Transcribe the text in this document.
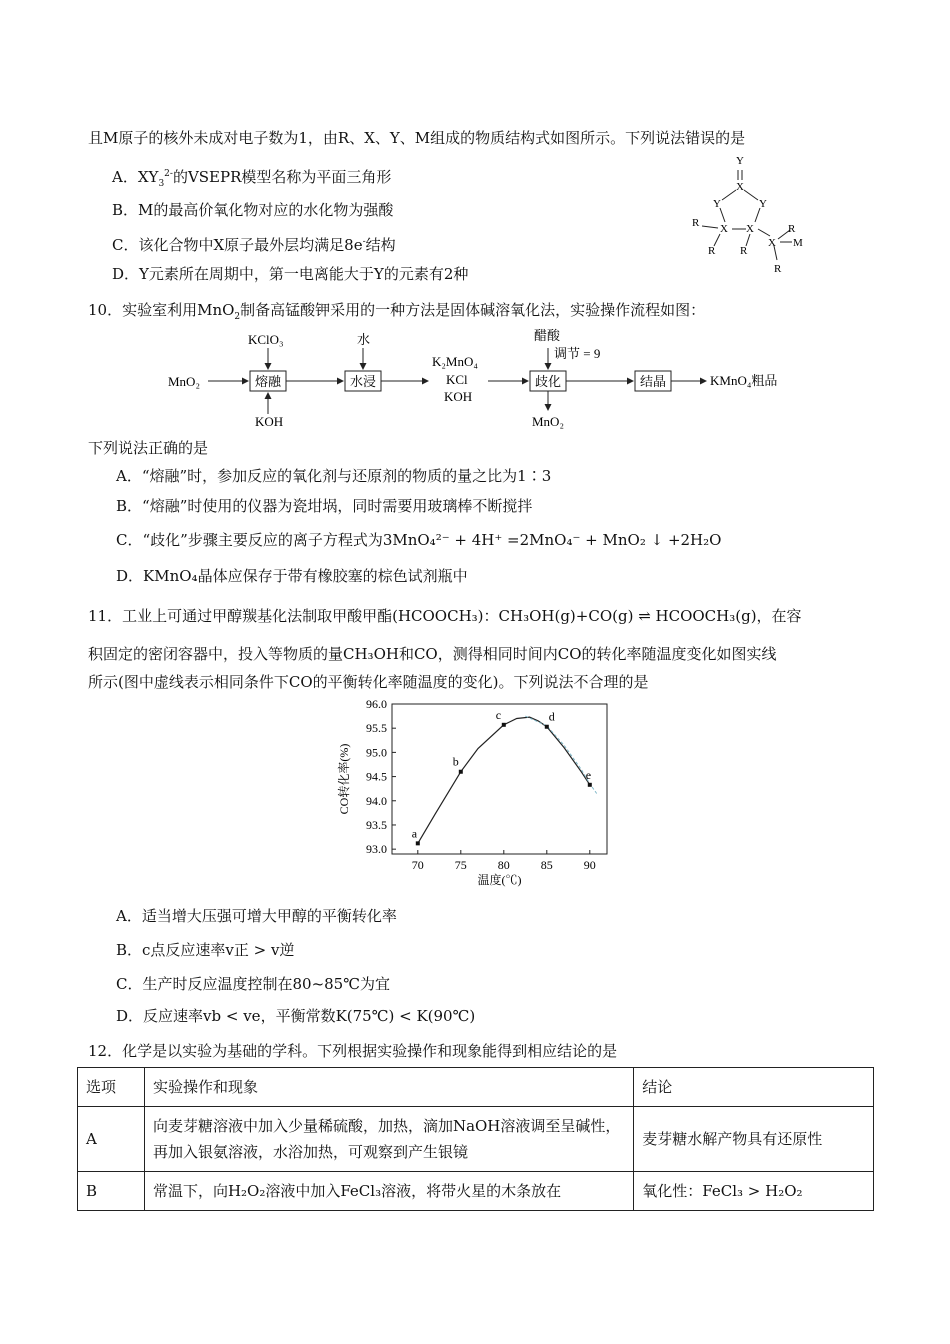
且M原子的核外未成对电子数为1，由R、X、Y、M组成的物质结构式如图所示。下列说法错误的是
A．$XY_3^{2-}$的VSEPR模型名称为平面三角形
B．M的最高价氧化物对应的水化物为强酸
C．该化合物中X原子最外层均满足8e-结构
D．Y元素所在周期中，第一电离能大于Y的元素有2种
Y
X
Y	Y
R X X
X M
R R
R
R
10．实验室利用MnO$_2$制备高锰酸钾采用的一种方法是固体碱溶氧化法，实验操作流程如图：
MnO₂	熔融
KClO₃
KOH
水浸
水
K₂MnO₄
KCl
KOH
歧化
醋酸
调节 = 9
MnO₂
结晶	KMnO₄粗品
下列说法正确的是
A．“熔融”时，参加反应的氧化剂与还原剂的物质的量之比为1∶3
B．“熔融”时使用的仪器为瓷坩埚，同时需要用玻璃棒不断搅拌
C．“歧化”步骤主要反应的离子方程式为3MnO₄²⁻ + 4H⁺ =2MnO₄⁻ + MnO₂ ↓ +2H₂O
D．KMnO₄晶体应保存于带有橡胶塞的棕色试剂瓶中
11．工业上可通过甲醇羰基化法制取甲酸甲酯(HCOOCH₃)：CH₃OH(g)+CO(g) ⇌ HCOOCH₃(g)，在容
积固定的密闭容器中，投入等物质的量CH₃OH和CO，测得相同时间内CO的转化率随温度变化如图实线
所示(图中虚线表示相同条件下CO的平衡转化率随温度的变化)。下列说法不合理的是
70	75	80	85	90
93.0
93.5
94.0
94.5
95.0
95.5
96.0
温度(℃)
CO转化率(%)
a
b
c	d
e
A．适当增大压强可增大甲醇的平衡转化率
B．c点反应速率v正 > v逆
C．生产时反应温度控制在80~85℃为宜
D．反应速率vb < ve，平衡常数K(75℃) < K(90℃)
12．化学是以实验为基础的学科。下列根据实验操作和现象能得到相应结论的是
选项	实验操作和现象	结论
A	向麦芽糖溶液中加入少量稀硫酸，加热，滴加NaOH溶液调至呈碱性，再加入银氨溶液，水浴加热，可观察到产生银镜	麦芽糖水解产物具有还原性
B	常温下，向H₂O₂溶液中加入FeCl₃溶液，将带火星的木条放在	氧化性：FeCl₃ > H₂O₂
